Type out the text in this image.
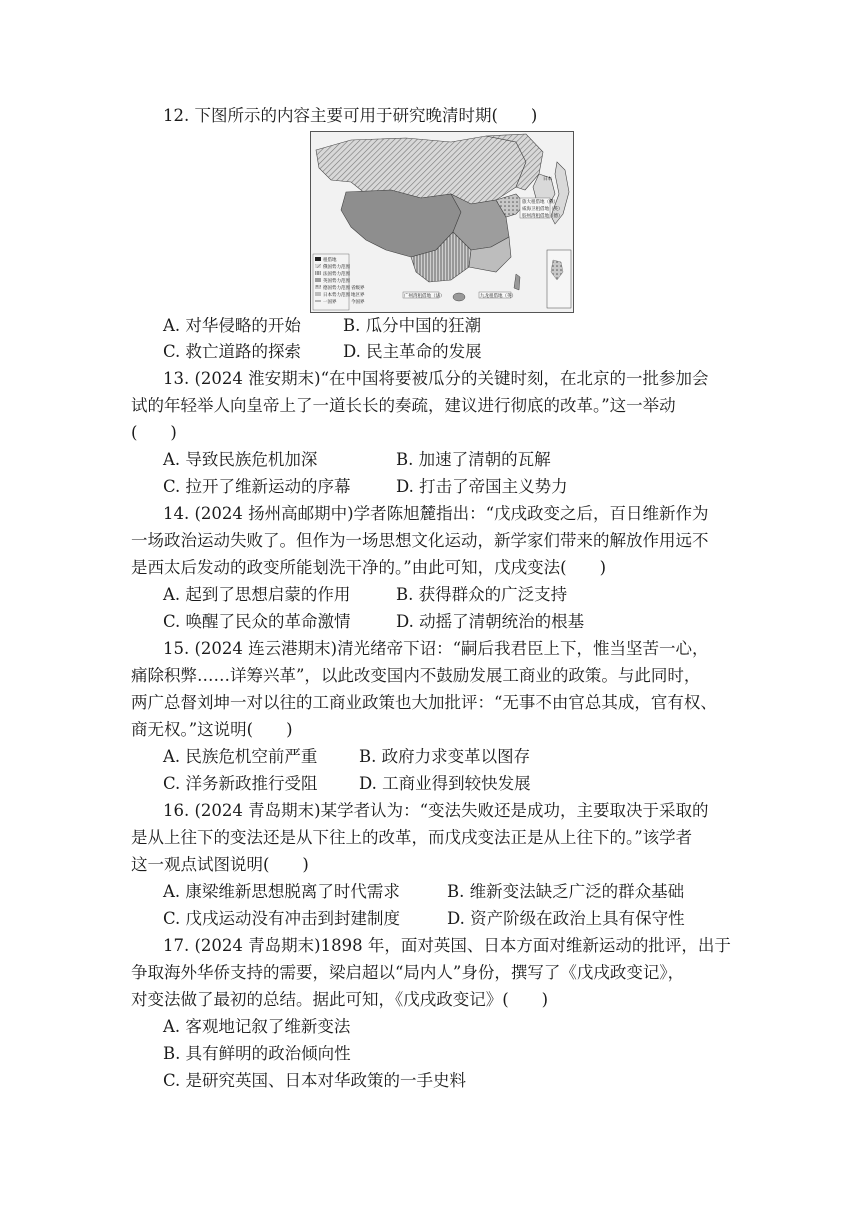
12. 下图所示的内容主要可用于研究晚清时期(　　)
旅大租借地（俄）
威海卫租借地（英）
胶州湾租借地（德）
日本
广州湾租借地（法）	九龙租借地（英）
租借地
俄国势力范围
法国势力范围
英国势力范围
德国势力范围
日本势力范围
一国界
省级界
地区界
今国界
A. 对华侵略的开始	B. 瓜分中国的狂潮
C. 救亡道路的探索	D. 民主革命的发展
13. (2024 淮安期末)“在中国将要被瓜分的关键时刻，在北京的一批参加会
试的年轻举人向皇帝上了一道长长的奏疏，建议进行彻底的改革。”这一举动
(　　)
A. 导致民族危机加深	B. 加速了清朝的瓦解
C. 拉开了维新运动的序幕	D. 打击了帝国主义势力
14. (2024 扬州高邮期中)学者陈旭麓指出：“戊戌政变之后，百日维新作为
一场政治运动失败了。但作为一场思想文化运动，新学家们带来的解放作用远不
是西太后发动的政变所能刬洗干净的。”由此可知，戊戌变法(　　)
A. 起到了思想启蒙的作用	B. 获得群众的广泛支持
C. 唤醒了民众的革命激情	D. 动摇了清朝统治的根基
15. (2024 连云港期末)清光绪帝下诏：“嗣后我君臣上下，惟当坚苦一心，
痛除积弊……详筹兴革”，以此改变国内不鼓励发展工商业的政策。与此同时，
两广总督刘坤一对以往的工商业政策也大加批评：“无事不由官总其成，官有权、
商无权。”这说明(　　)
A. 民族危机空前严重	B. 政府力求变革以图存
C. 洋务新政推行受阻	D. 工商业得到较快发展
16. (2024 青岛期末)某学者认为：“变法失败还是成功，主要取决于采取的
是从上往下的变法还是从下往上的改革，而戊戌变法正是从上往下的。”该学者
这一观点试图说明(　　)
A. 康梁维新思想脱离了时代需求	B. 维新变法缺乏广泛的群众基础
C. 戊戌运动没有冲击到封建制度	D. 资产阶级在政治上具有保守性
17. (2024 青岛期末)1898 年，面对英国、日本方面对维新运动的批评，出于
争取海外华侨支持的需要，梁启超以“局内人”身份，撰写了《戊戌政变记》，
对变法做了最初的总结。据此可知，《戊戌政变记》(　　)
A. 客观地记叙了维新变法
B. 具有鲜明的政治倾向性
C. 是研究英国、日本对华政策的一手史料
